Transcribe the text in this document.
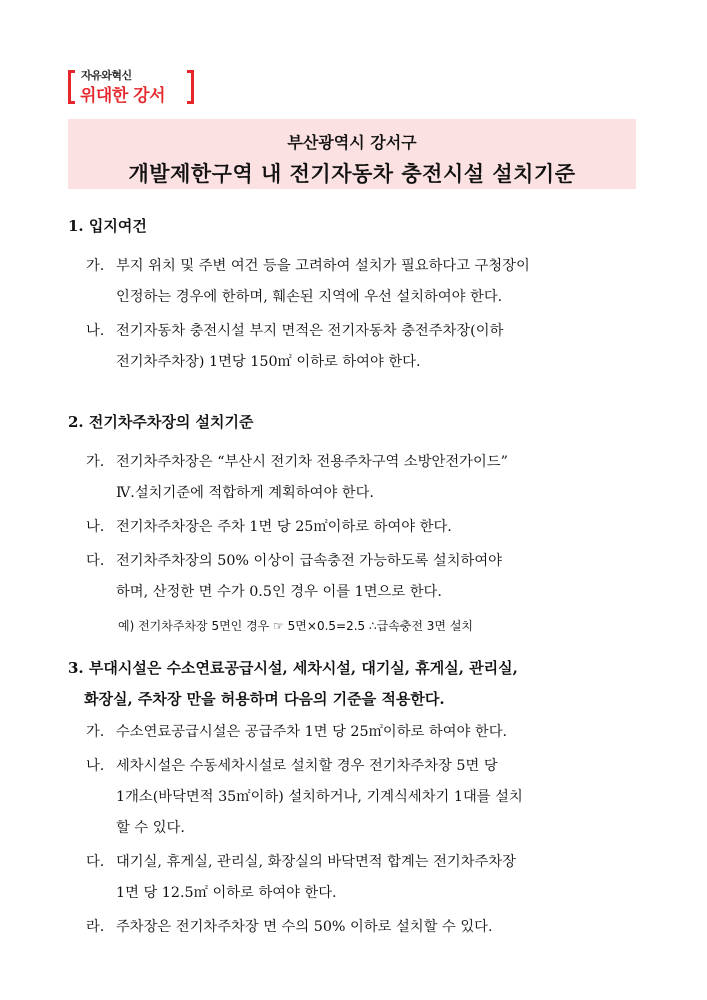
자유와혁신
위대한 강서
부산광역시 강서구
개발제한구역 내 전기자동차 충전시설 설치기준
1. 입지여건
가. 부지 위치 및 주변 여건 등을 고려하여 설치가 필요하다고 구청장이
인정하는 경우에 한하며, 훼손된 지역에 우선 설치하여야 한다.
나. 전기자동차 충전시설 부지 면적은 전기자동차 충전주차장(이하
전기차주차장) 1면당 150㎡ 이하로 하여야 한다.
2. 전기차주차장의 설치기준
가. 전기차주차장은 “부산시 전기차 전용주차구역 소방안전가이드”
Ⅳ.설치기준에 적합하게 계획하여야 한다.
나. 전기차주차장은 주차 1면 당 25㎡이하로 하여야 한다.
다. 전기차주차장의 50% 이상이 급속충전 가능하도록 설치하여야
하며, 산정한 면 수가 0.5인 경우 이를 1면으로 한다.
예) 전기차주차장 5면인 경우 ☞ 5면×0.5=2.5 ∴급속충전 3면 설치
3. 부대시설은 수소연료공급시설, 세차시설, 대기실, 휴게실, 관리실,
화장실, 주차장 만을 허용하며 다음의 기준을 적용한다.
가. 수소연료공급시설은 공급주차 1면 당 25㎡이하로 하여야 한다.
나. 세차시설은 수동세차시설로 설치할 경우 전기차주차장 5면 당
1개소(바닥면적 35㎡이하) 설치하거나, 기계식세차기 1대를 설치
할 수 있다.
다. 대기실, 휴게실, 관리실, 화장실의 바닥면적 합계는 전기차주차장
1면 당 12.5㎡ 이하로 하여야 한다.
라. 주차장은 전기차주차장 면 수의 50% 이하로 설치할 수 있다.
